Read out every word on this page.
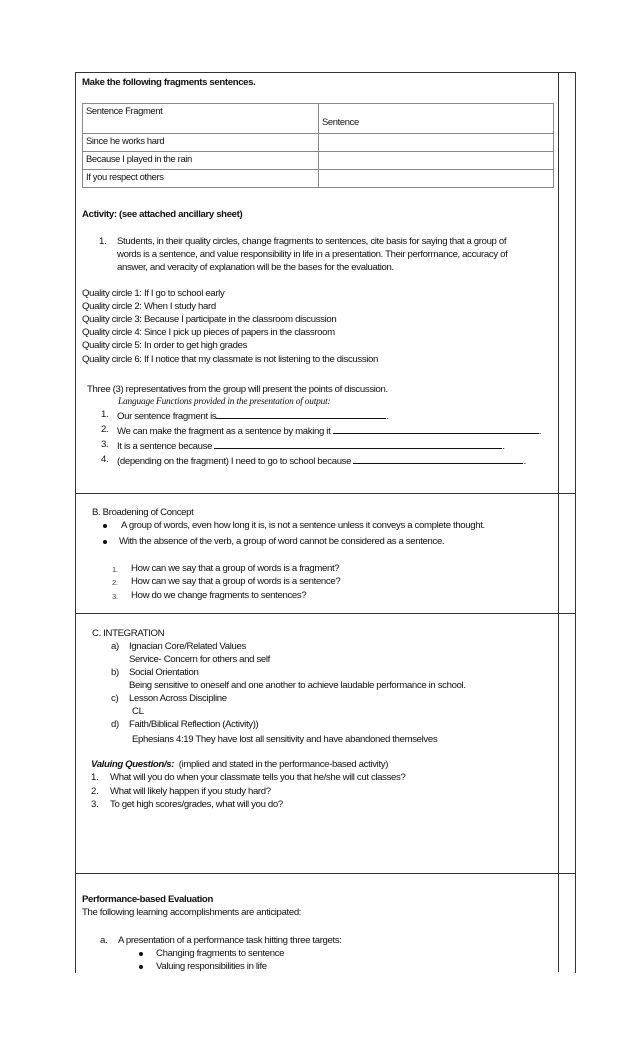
Make the following fragments sentences.
Sentence Fragment	Sentence
Since he works hard	
Because I played in the rain	
If you respect others	
Activity: (see attached ancillary sheet)
1. Students, in their quality circles, change fragments to sentences, cite basis for saying that a group of
words is a sentence, and value responsibility in life in a presentation. Their performance, accuracy of
answer, and veracity of explanation will be the bases for the evaluation.
Quality circle 1: If I go to school early
Quality circle 2: When I study hard
Quality circle 3: Because I participate in the classroom discussion
Quality circle 4: Since I pick up pieces of papers in the classroom
Quality circle 5: In order to get high grades
Quality circle 6: If I notice that my classmate is not listening to the discussion
Three (3) representatives from the group will present the points of discussion.
Language Functions provided in the presentation of output:
1. Our sentence fragment is	.
2. We can make the fragment as a sentence by making it	.
3. It is a sentence because	.
4. (depending on the fragment) I need to go to school because	.
B. Broadening of Concept
A group of words, even how long it is, is not a sentence unless it conveys a complete thought.
With the absence of the verb, a group of word cannot be considered as a sentence.
1. How can we say that a group of words is a fragment?
2. How can we say that a group of words is a sentence?
3. How do we change fragments to sentences?
C. INTEGRATION
a) Ignacian Core/Related Values
Service- Concern for others and self
b) Social Orientation
Being sensitive to oneself and one another to achieve laudable performance in school.
c) Lesson Across Discipline
CL
d) Faith/Biblical Reflection (Activity))
Ephesians 4:19 They have lost all sensitivity and have abandoned themselves
Valuing Question/s: (implied and stated in the performance-based activity)
1. What will you do when your classmate tells you that he/she will cut classes?
2. What will likely happen if you study hard?
3. To get high scores/grades, what will you do?
Performance-based Evaluation
The following learning accomplishments are anticipated:
a. A presentation of a performance task hitting three targets:
Changing fragments to sentence
Valuing responsibilities in life
